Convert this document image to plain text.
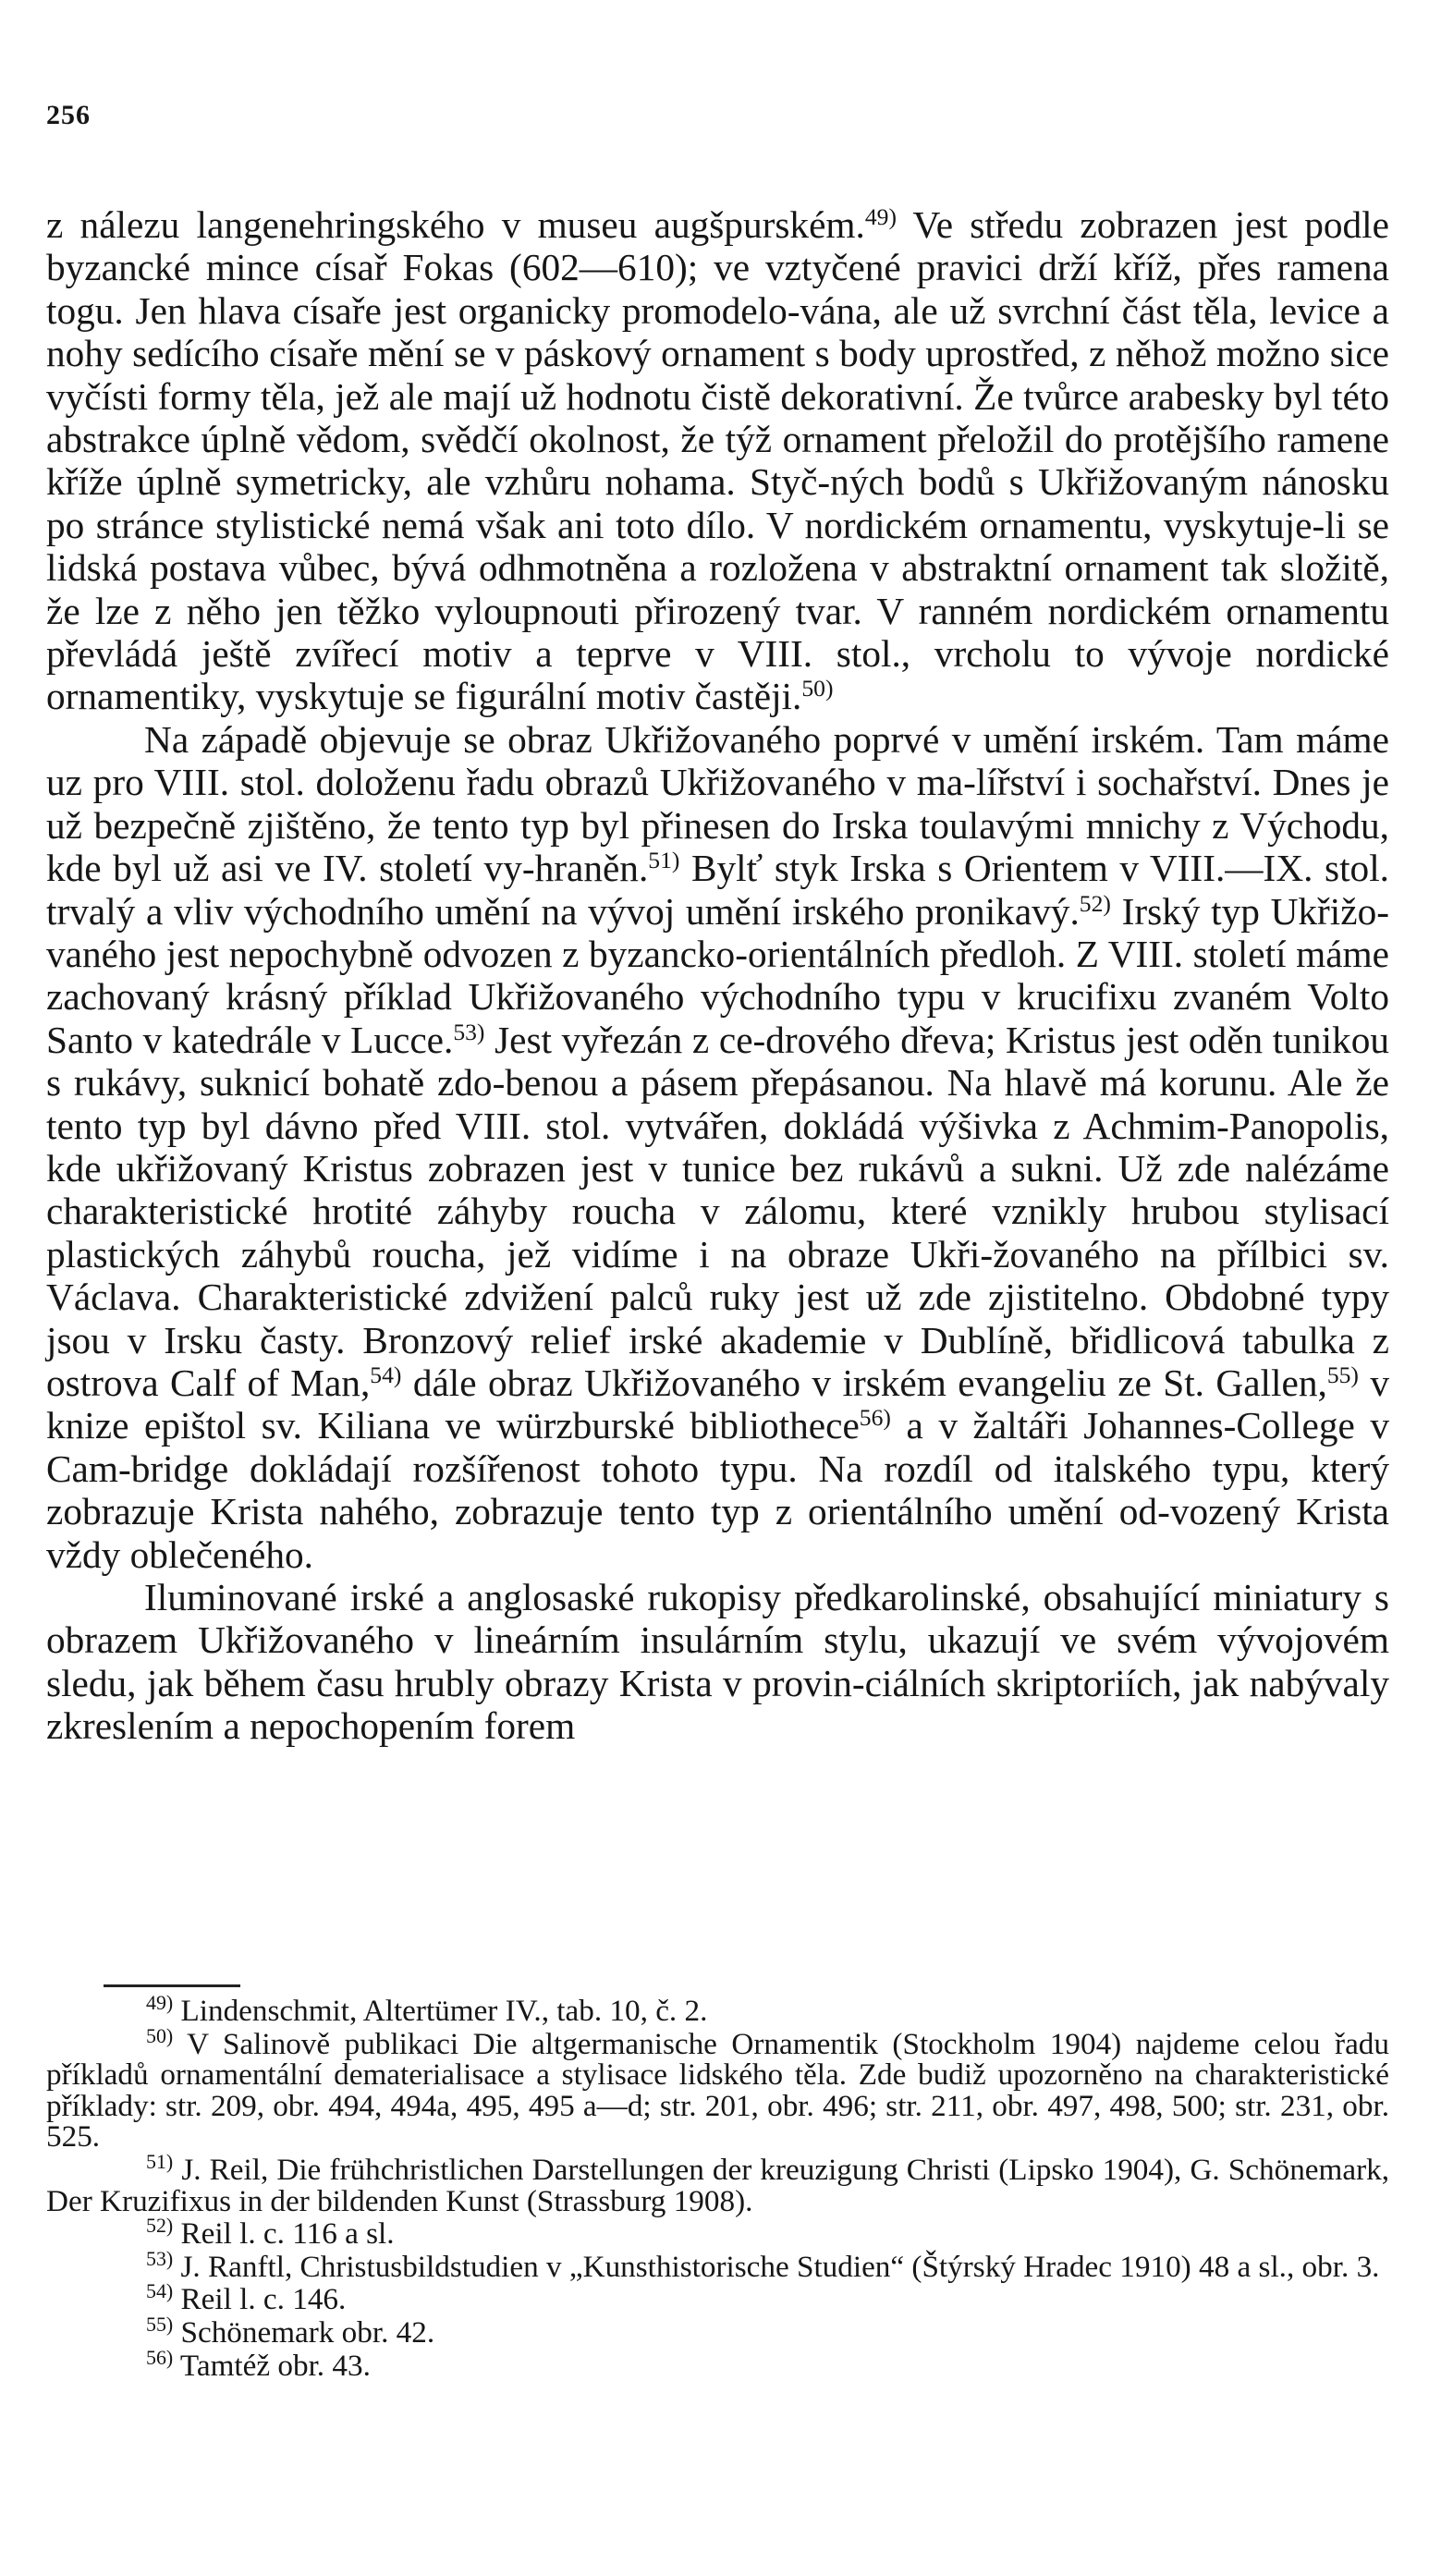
256

z nálezu langenehringského v museu augšpurském.$^{49)}$ Ve středu zobrazen jest podle byzancké mince císař Fokas (602—610); ve vztyčené pravici drží kříž, přes ramena togu. Jen hlava císaře jest organicky promodelo-vána, ale už svrchní část těla, levice a nohy sedícího císaře mění se v páskový ornament s body uprostřed, z něhož možno sice vyčísti formy těla, jež ale mají už hodnotu čistě dekorativní. Že tvůrce arabesky byl této abstrakce úplně vědom, svědčí okolnost, že týž ornament přeložil do protějšího ramene kříže úplně symetricky, ale vzhůru nohama. Styč-ných bodů s Ukřižovaným nánosku po stránce stylistické nemá však ani toto dílo. V nordickém ornamentu, vyskytuje-li se lidská postava vůbec, bývá odhmotněna a rozložena v abstraktní ornament tak složitě, že lze z něho jen těžko vyloupnouti přirozený tvar. V ranném nordickém ornamentu převládá ještě zvířecí motiv a teprve v VIII. stol., vrcholu to vývoje nordické ornamentiky, vyskytuje se figurální motiv častěji.$^{50)}$

Na západě objevuje se obraz Ukřižovaného poprvé v umění irském. Tam máme uz pro VIII. stol. doloženu řadu obrazů Ukřižovaného v ma-lířství i sochařství. Dnes je už bezpečně zjištěno, že tento typ byl přinesen do Irska toulavými mnichy z Východu, kde byl už asi ve IV. století vy-hraněn.$^{51)}$ Bylť styk Irska s Orientem v VIII.—IX. stol. trvalý a vliv východního umění na vývoj umění irského pronikavý.$^{52)}$ Irský typ Ukřižo-vaného jest nepochybně odvozen z byzancko-orientálních předloh. Z VIII. století máme zachovaný krásný příklad Ukřižovaného východního typu v krucifixu zvaném Volto Santo v katedrále v Lucce.$^{53)}$ Jest vyřezán z ce-drového dřeva; Kristus jest oděn tunikou s rukávy, suknicí bohatě zdo-benou a pásem přepásanou. Na hlavě má korunu. Ale že tento typ byl dávno před VIII. stol. vytvářen, dokládá výšivka z Achmim-Panopolis, kde ukřižovaný Kristus zobrazen jest v tunice bez rukávů a sukni. Už zde nalézáme charakteristické hrotité záhyby roucha v zálomu, které vznikly hrubou stylisací plastických záhybů roucha, jež vidíme i na obraze Ukři-žovaného na přílbici sv. Václava. Charakteristické zdvižení palců ruky jest už zde zjistitelno. Obdobné typy jsou v Irsku časty. Bronzový relief irské akademie v Dublíně, břidlicová tabulka z ostrova Calf of Man,$^{54)}$ dále obraz Ukřižovaného v irském evangeliu ze St. Gallen,$^{55)}$ v knize epištol sv. Kiliana ve würzburské bibliothece$^{56)}$ a v žaltáři Johannes-College v Cam-bridge dokládají rozšířenost tohoto typu. Na rozdíl od italského typu, který zobrazuje Krista nahého, zobrazuje tento typ z orientálního umění od-vozený Krista vždy oblečeného.

Iluminované irské a anglosaské rukopisy předkarolinské, obsahující miniatury s obrazem Ukřižovaného v lineárním insulárním stylu, ukazují ve svém vývojovém sledu, jak během času hrubly obrazy Krista v provin-ciálních skriptoriích, jak nabývaly zkreslením a nepochopením forem

$^{49)}$ Lindenschmit, Altertümer IV., tab. 10, č. 2.

$^{50)}$ V Salinově publikaci Die altgermanische Ornamentik (Stockholm 1904) najdeme celou řadu příkladů ornamentální dematerialisace a stylisace lidského těla. Zde budiž upozorněno na charakteristické příklady: str. 209, obr. 494, 494a, 495, 495 a—d; str. 201, obr. 496; str. 211, obr. 497, 498, 500; str. 231, obr. 525.

$^{51)}$ J. Reil, Die frühchristlichen Darstellungen der kreuzigung Christi (Lipsko 1904), G. Schönemark, Der Kruzifixus in der bildenden Kunst (Strassburg 1908).

$^{52)}$ Reil l. c. 116 a sl.

$^{53)}$ J. Ranftl, Christusbildstudien v „Kunsthistorische Studien“ (Štýrský Hradec 1910) 48 a sl., obr. 3.

$^{54)}$ Reil l. c. 146.

$^{55)}$ Schönemark obr. 42.

$^{56)}$ Tamtéž obr. 43.
